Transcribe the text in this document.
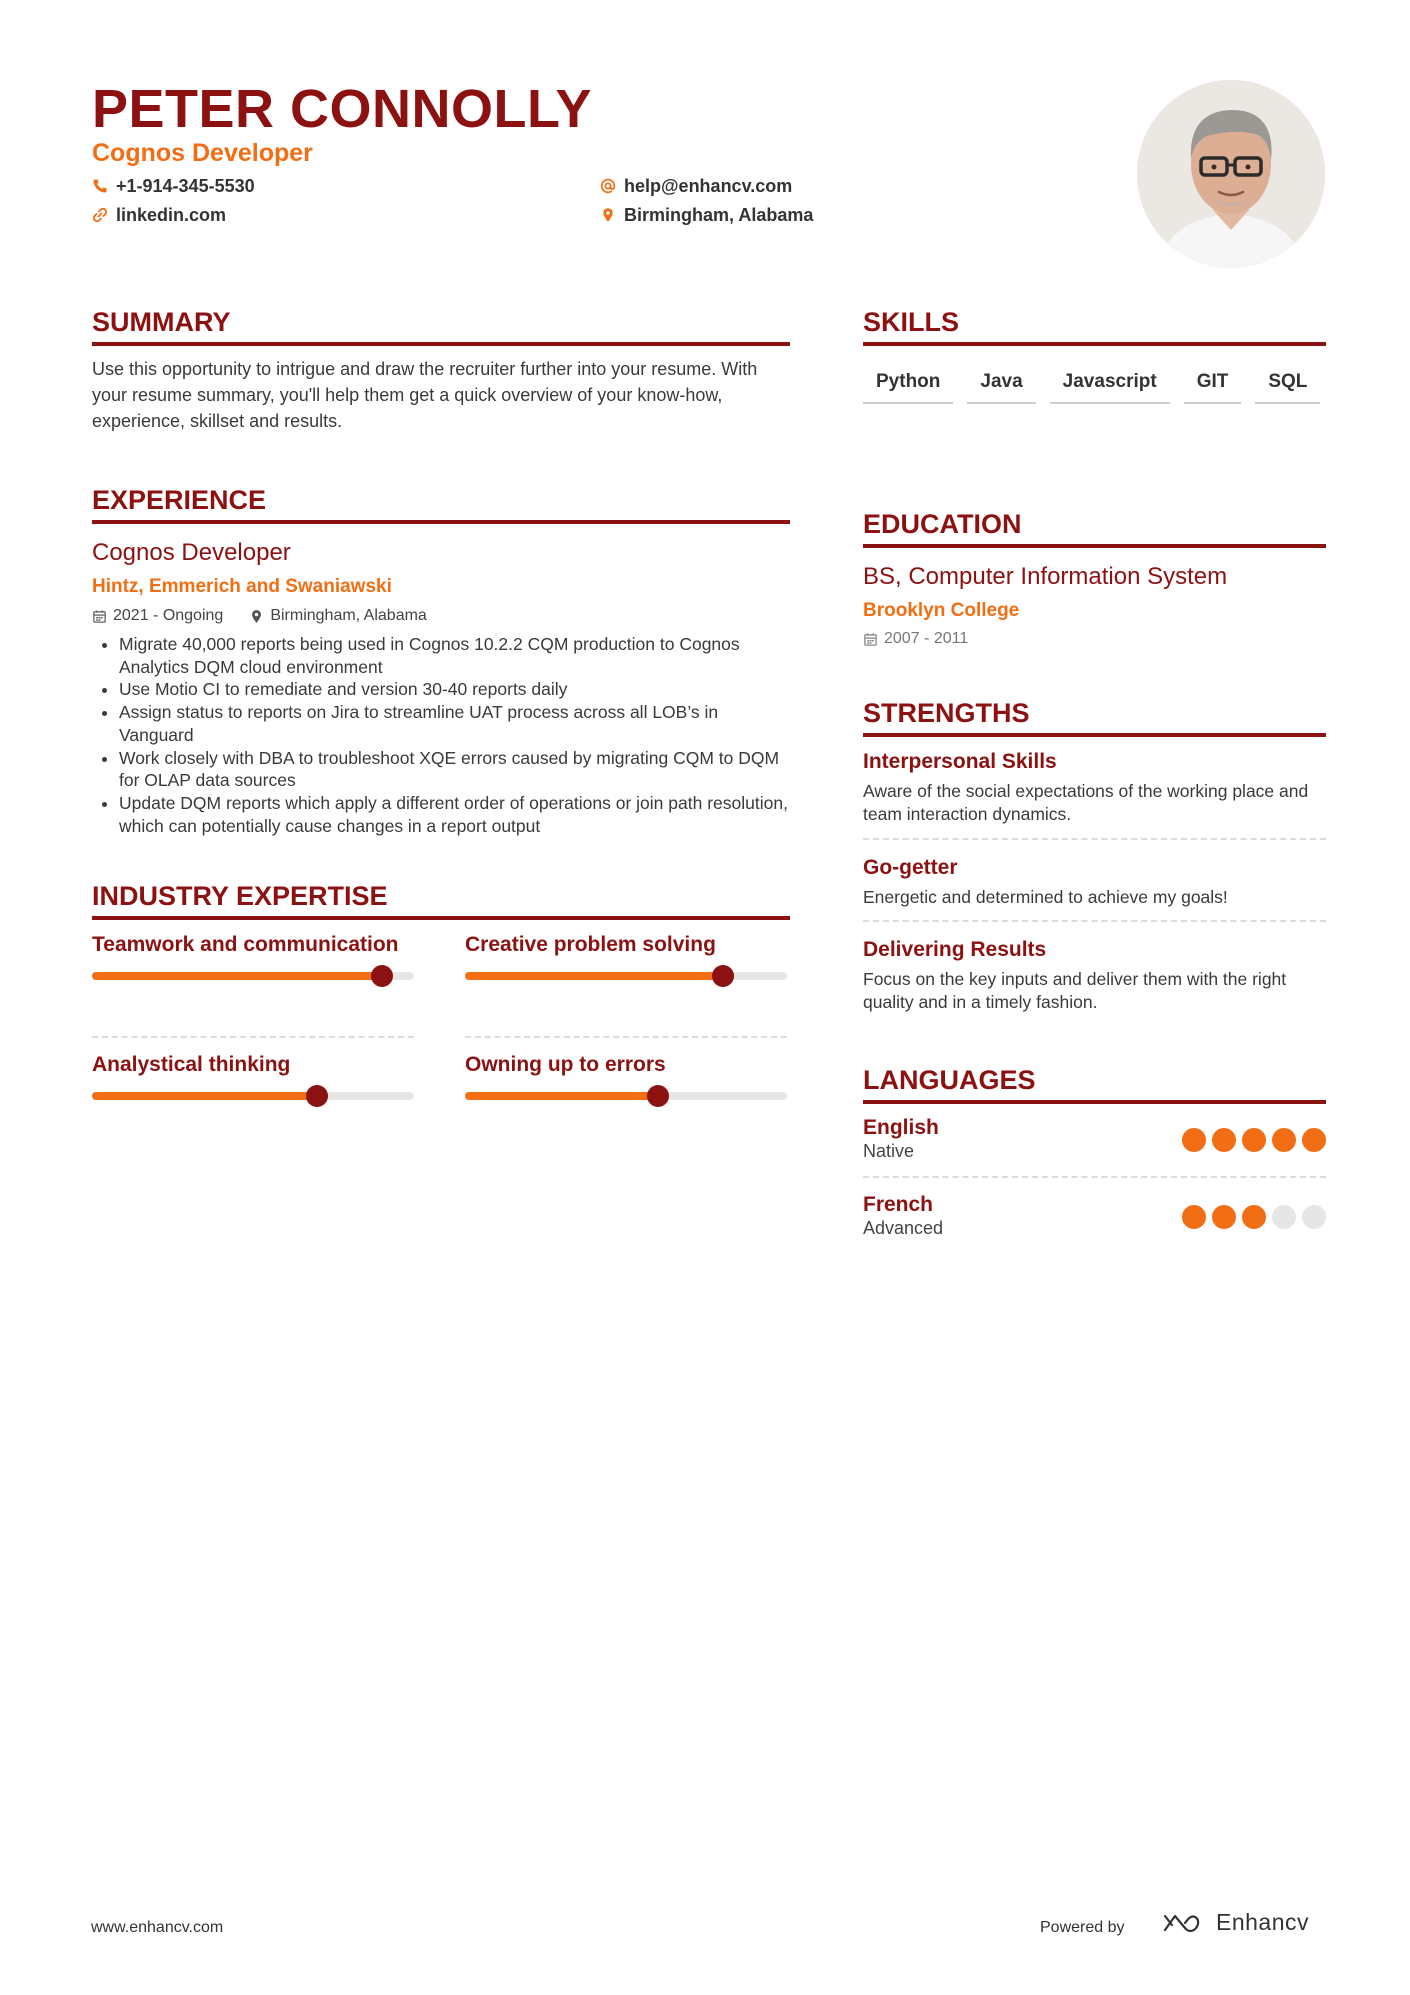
PETER CONNOLLY
Cognos Developer
+1-914-345-5530
linkedin.com
help@enhancv.com
Birmingham, Alabama
SUMMARY
Use this opportunity to intrigue and draw the recruiter further into your resume. With your resume summary, you'll help them get a quick overview of your know-how, experience, skillset and results.
EXPERIENCE
Cognos Developer
Hintz, Emmerich and Swaniawski
2021 - Ongoing	Birmingham, Alabama
• Migrate 40,000 reports being used in Cognos 10.2.2 CQM production to Cognos Analytics DQM cloud environment
• Use Motio CI to remediate and version 30-40 reports daily
• Assign status to reports on Jira to streamline UAT process across all LOB’s in Vanguard
• Work closely with DBA to troubleshoot XQE errors caused by migrating CQM to DQM for OLAP data sources
• Update DQM reports which apply a different order of operations or join path resolution, which can potentially cause changes in a report output
INDUSTRY EXPERTISE
Teamwork and communication	Creative problem solving
Analystical thinking	Owning up to errors
SKILLS
Python	Java	Javascript	GIT	SQL
EDUCATION
BS, Computer Information System
Brooklyn College
2007 - 2011
STRENGTHS
Interpersonal Skills
Aware of the social expectations of the working place and team interaction dynamics.
Go-getter
Energetic and determined to achieve my goals!
Delivering Results
Focus on the key inputs and deliver them with the right quality and in a timely fashion.
LANGUAGES
English
Native
French
Advanced
www.enhancv.com	Powered by	Enhancv
